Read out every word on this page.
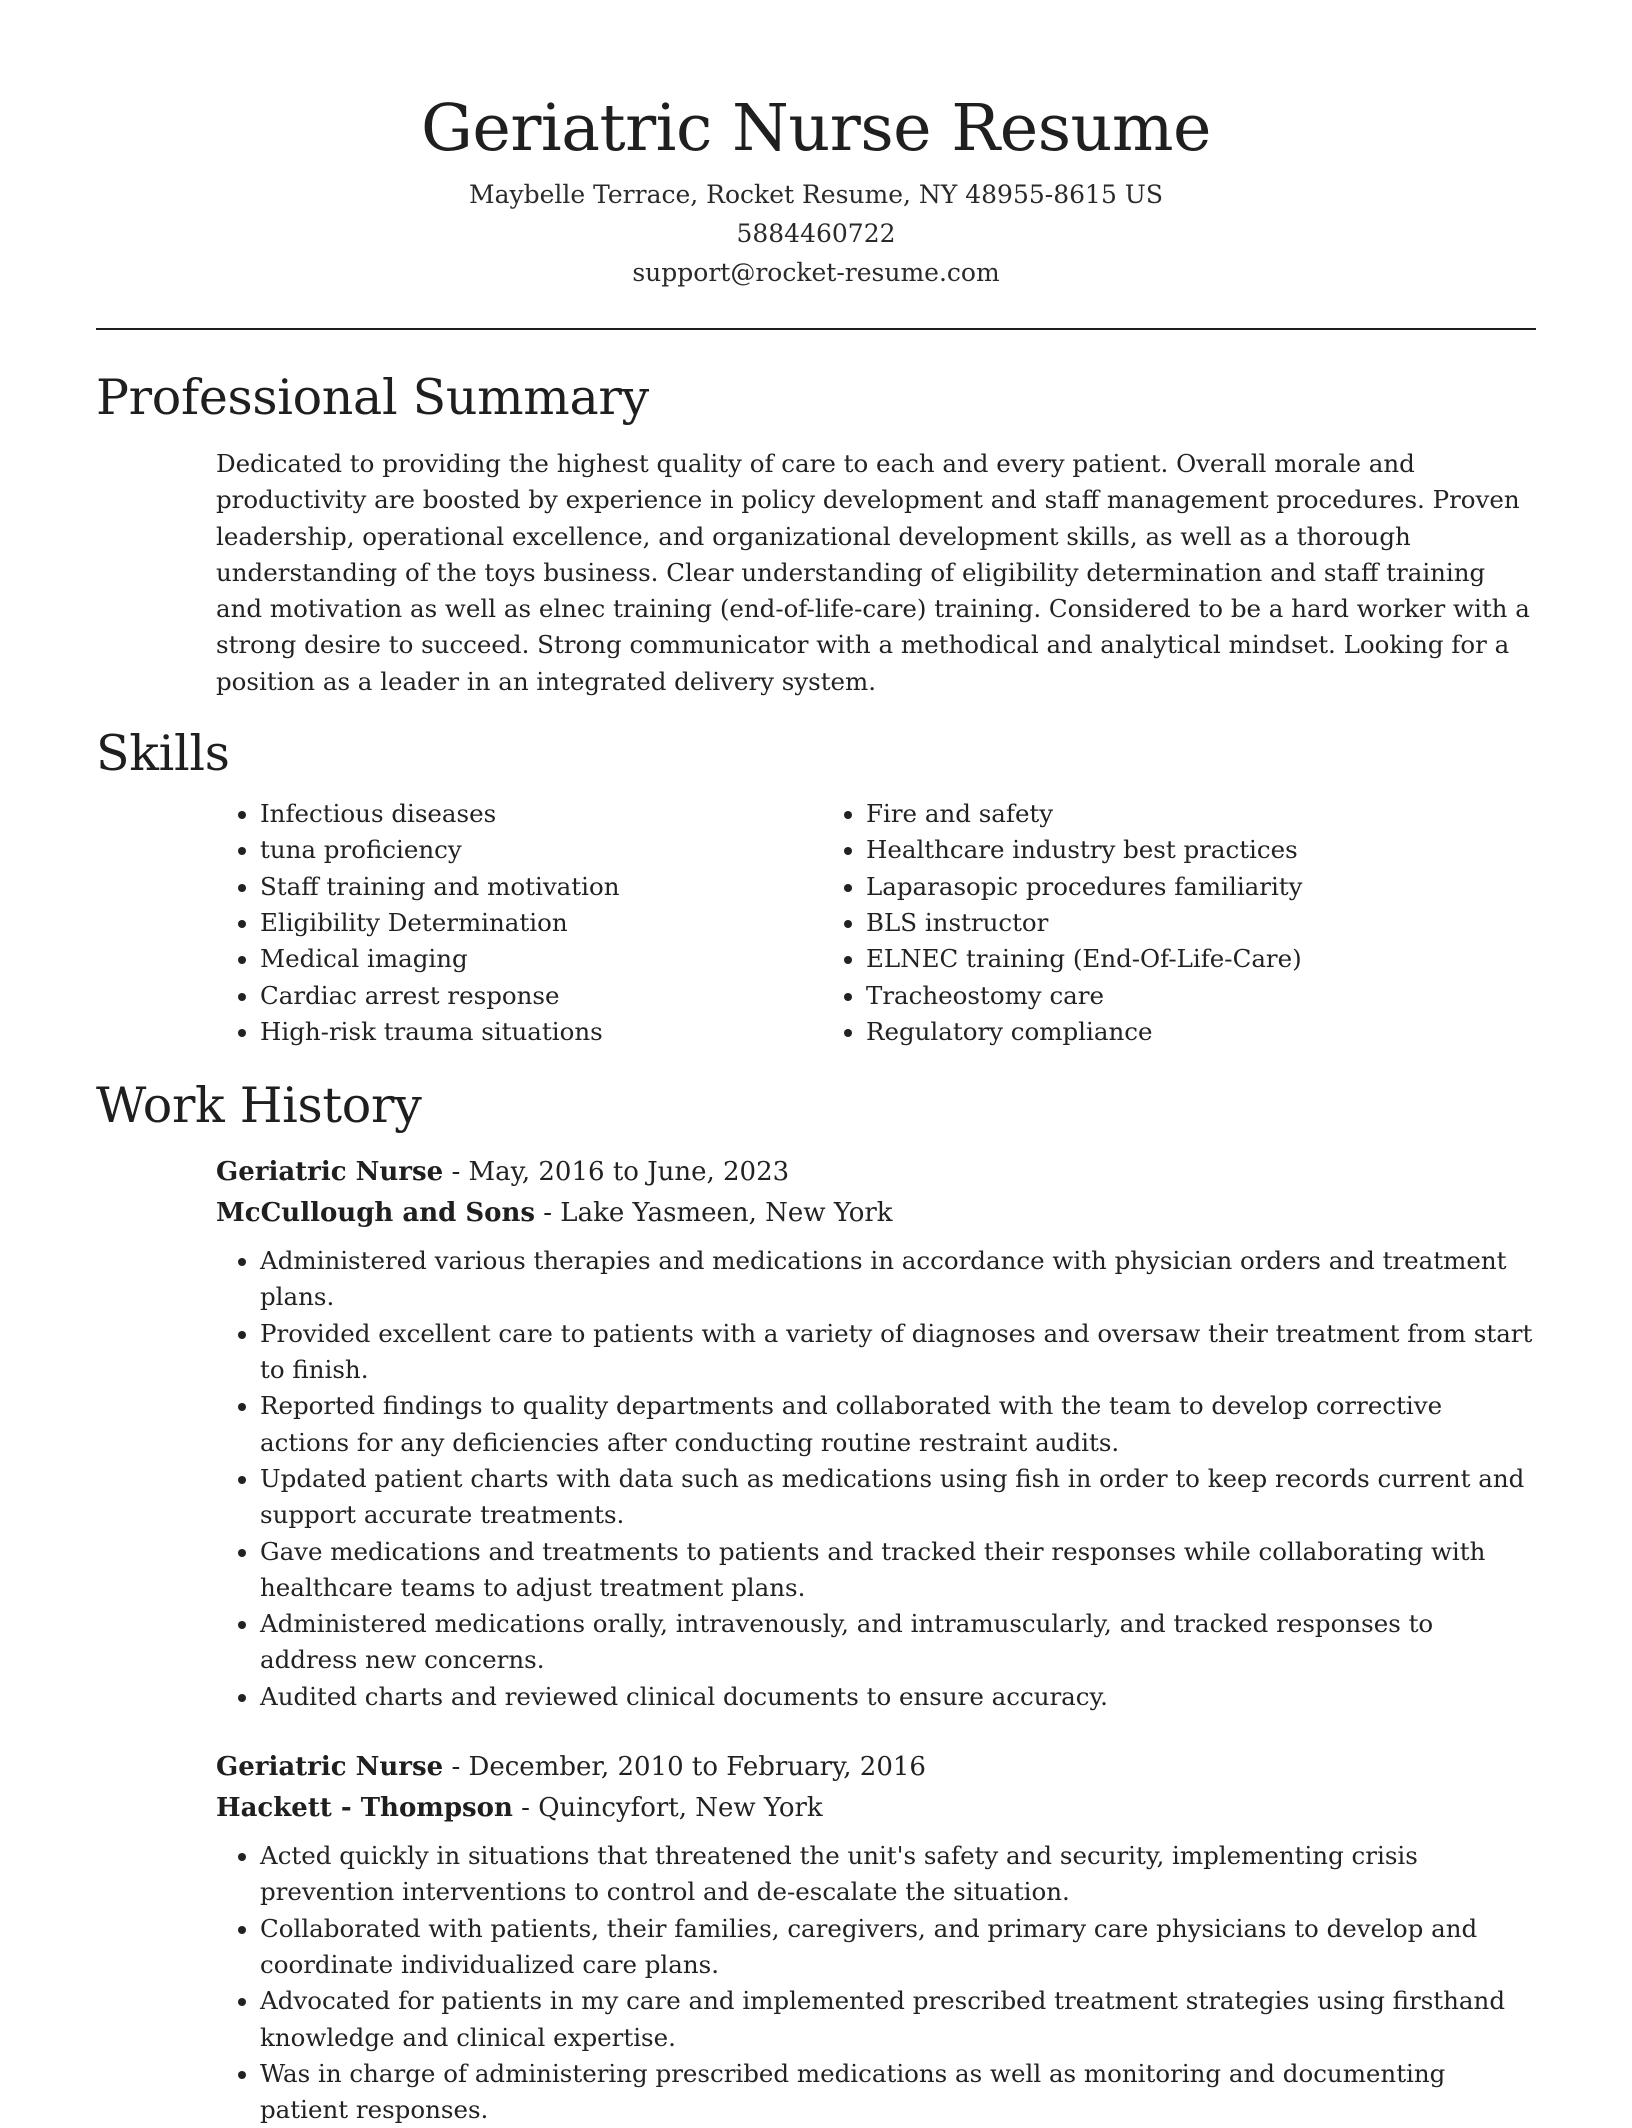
Geriatric Nurse Resume
Maybelle Terrace, Rocket Resume, NY 48955-8615 US
5884460722
support@rocket-resume.com
Professional Summary

Dedicated to providing the highest quality of care to each and every patient. Overall morale and productivity are boosted by experience in policy development and staff management procedures. Proven leadership, operational excellence, and organizational development skills, as well as a thorough understanding of the toys business. Clear understanding of eligibility determination and staff training and motivation as well as elnec training (end-of-life-care) training. Considered to be a hard worker with a strong desire to succeed. Strong communicator with a methodical and analytical mindset. Looking for a position as a leader in an integrated delivery system.

Skills
• Infectious diseases
• tuna proficiency
• Staff training and motivation
• Eligibility Determination
• Medical imaging
• Cardiac arrest response
• High-risk trauma situations
• Fire and safety
• Healthcare industry best practices
• Laparasopic procedures familiarity
• BLS instructor
• ELNEC training (End-Of-Life-Care)
• Tracheostomy care
• Regulatory compliance
Work History
Geriatric Nurse - May, 2016 to June, 2023
McCullough and Sons - Lake Yasmeen, New York
• Administered various therapies and medications in accordance with physician orders and treatment plans.
• Provided excellent care to patients with a variety of diagnoses and oversaw their treatment from start to finish.
• Reported findings to quality departments and collaborated with the team to develop corrective actions for any deficiencies after conducting routine restraint audits.
• Updated patient charts with data such as medications using fish in order to keep records current and support accurate treatments.
• Gave medications and treatments to patients and tracked their responses while collaborating with healthcare teams to adjust treatment plans.
• Administered medications orally, intravenously, and intramuscularly, and tracked responses to address new concerns.
• Audited charts and reviewed clinical documents to ensure accuracy.
Geriatric Nurse - December, 2010 to February, 2016
Hackett - Thompson - Quincyfort, New York
• Acted quickly in situations that threatened the unit's safety and security, implementing crisis prevention interventions to control and de-escalate the situation.
• Collaborated with patients, their families, caregivers, and primary care physicians to develop and coordinate individualized care plans.
• Advocated for patients in my care and implemented prescribed treatment strategies using firsthand knowledge and clinical expertise.
• Was in charge of administering prescribed medications as well as monitoring and documenting patient responses.
